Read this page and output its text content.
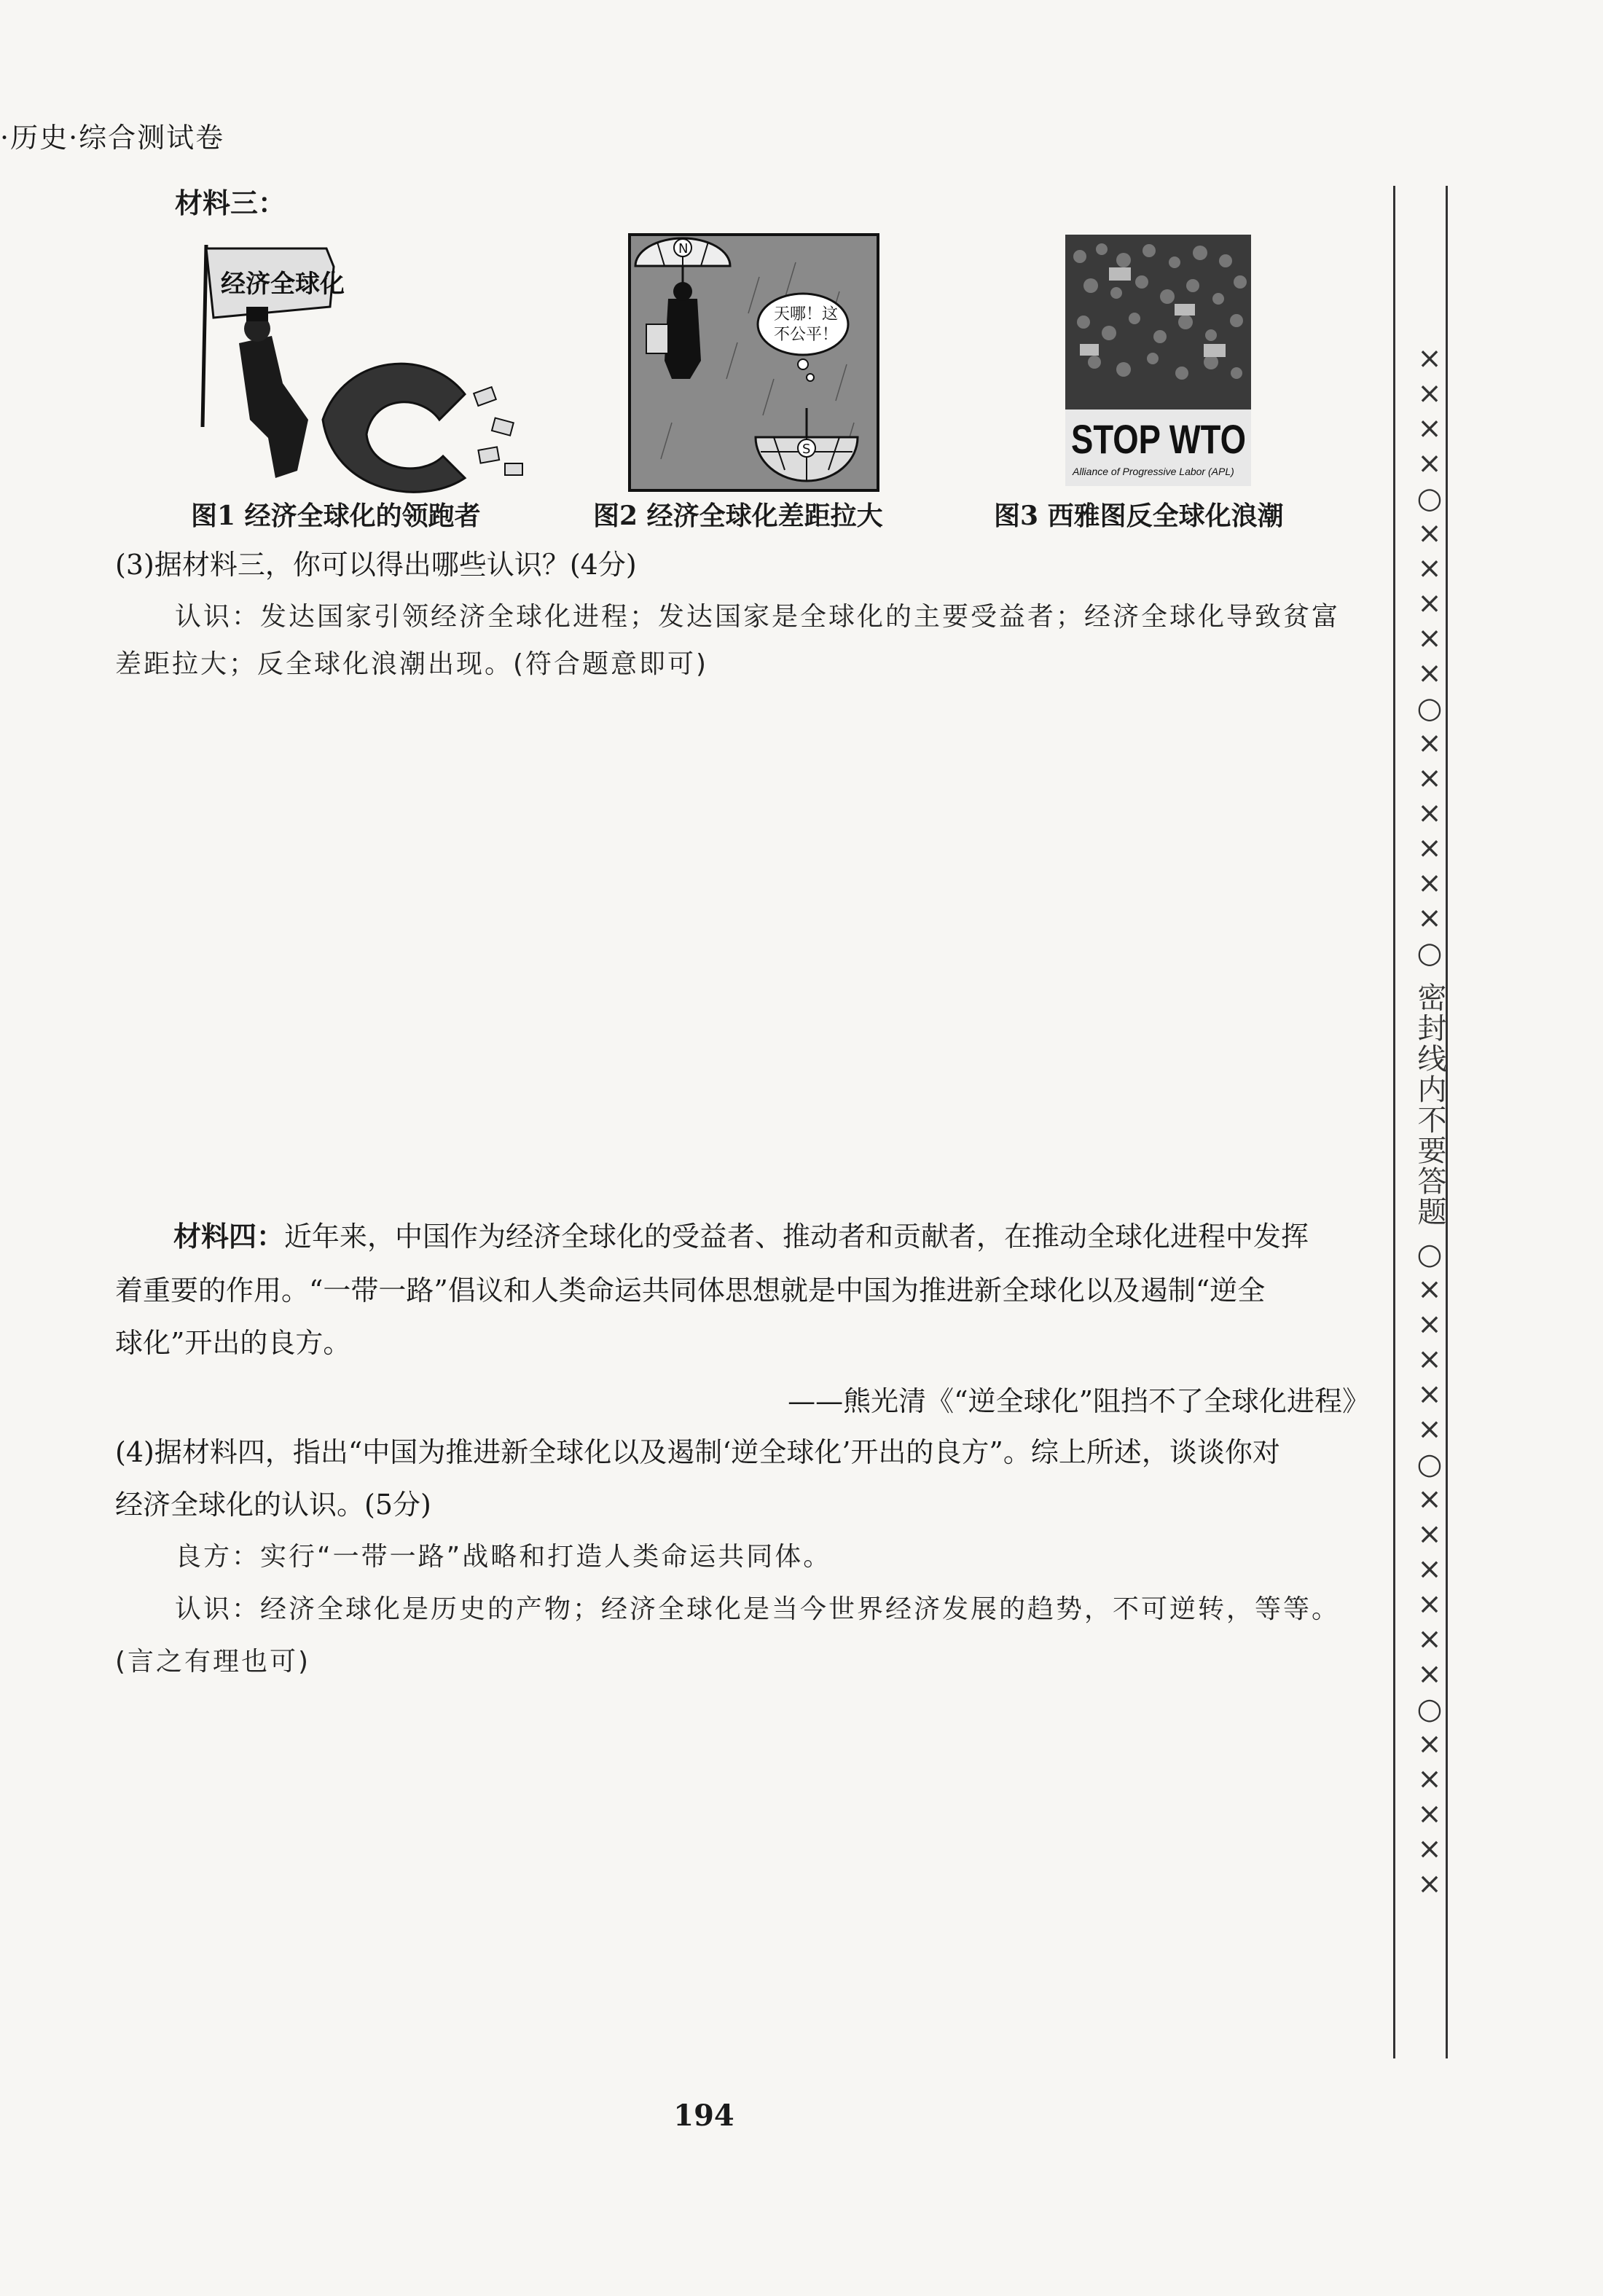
·历史·综合测试卷
材料三：
经济全球化
图1 经济全球化的领跑者
N
天哪！这
不公平！
S
图2 经济全球化差距拉大
STOP WTO
Alliance of Progressive Labor (APL)
图3 西雅图反全球化浪潮
(3)据材料三，你可以得出哪些认识？(4分)
认识：发达国家引领经济全球化进程；发达国家是全球化的主要受益者；经济全球化导致贫富
差距拉大；反全球化浪潮出现。(符合题意即可)
材料四：近年来，中国作为经济全球化的受益者、推动者和贡献者，在推动全球化进程中发挥
着重要的作用。“一带一路”倡议和人类命运共同体思想就是中国为推进新全球化以及遏制“逆全
球化”开出的良方。
——熊光清《“逆全球化”阻挡不了全球化进程》
(4)据材料四，指出“中国为推进新全球化以及遏制‘逆全球化’开出的良方”。综上所述，谈谈你对
经济全球化的认识。(5分)
良方：实行“一带一路”战略和打造人类命运共同体。
认识：经济全球化是历史的产物；经济全球化是当今世界经济发展的趋势，不可逆转，等等。
(言之有理也可)	××××○×××××○××××××○ 密封线内不要答题 ○×××××○××××××○×××××
194
